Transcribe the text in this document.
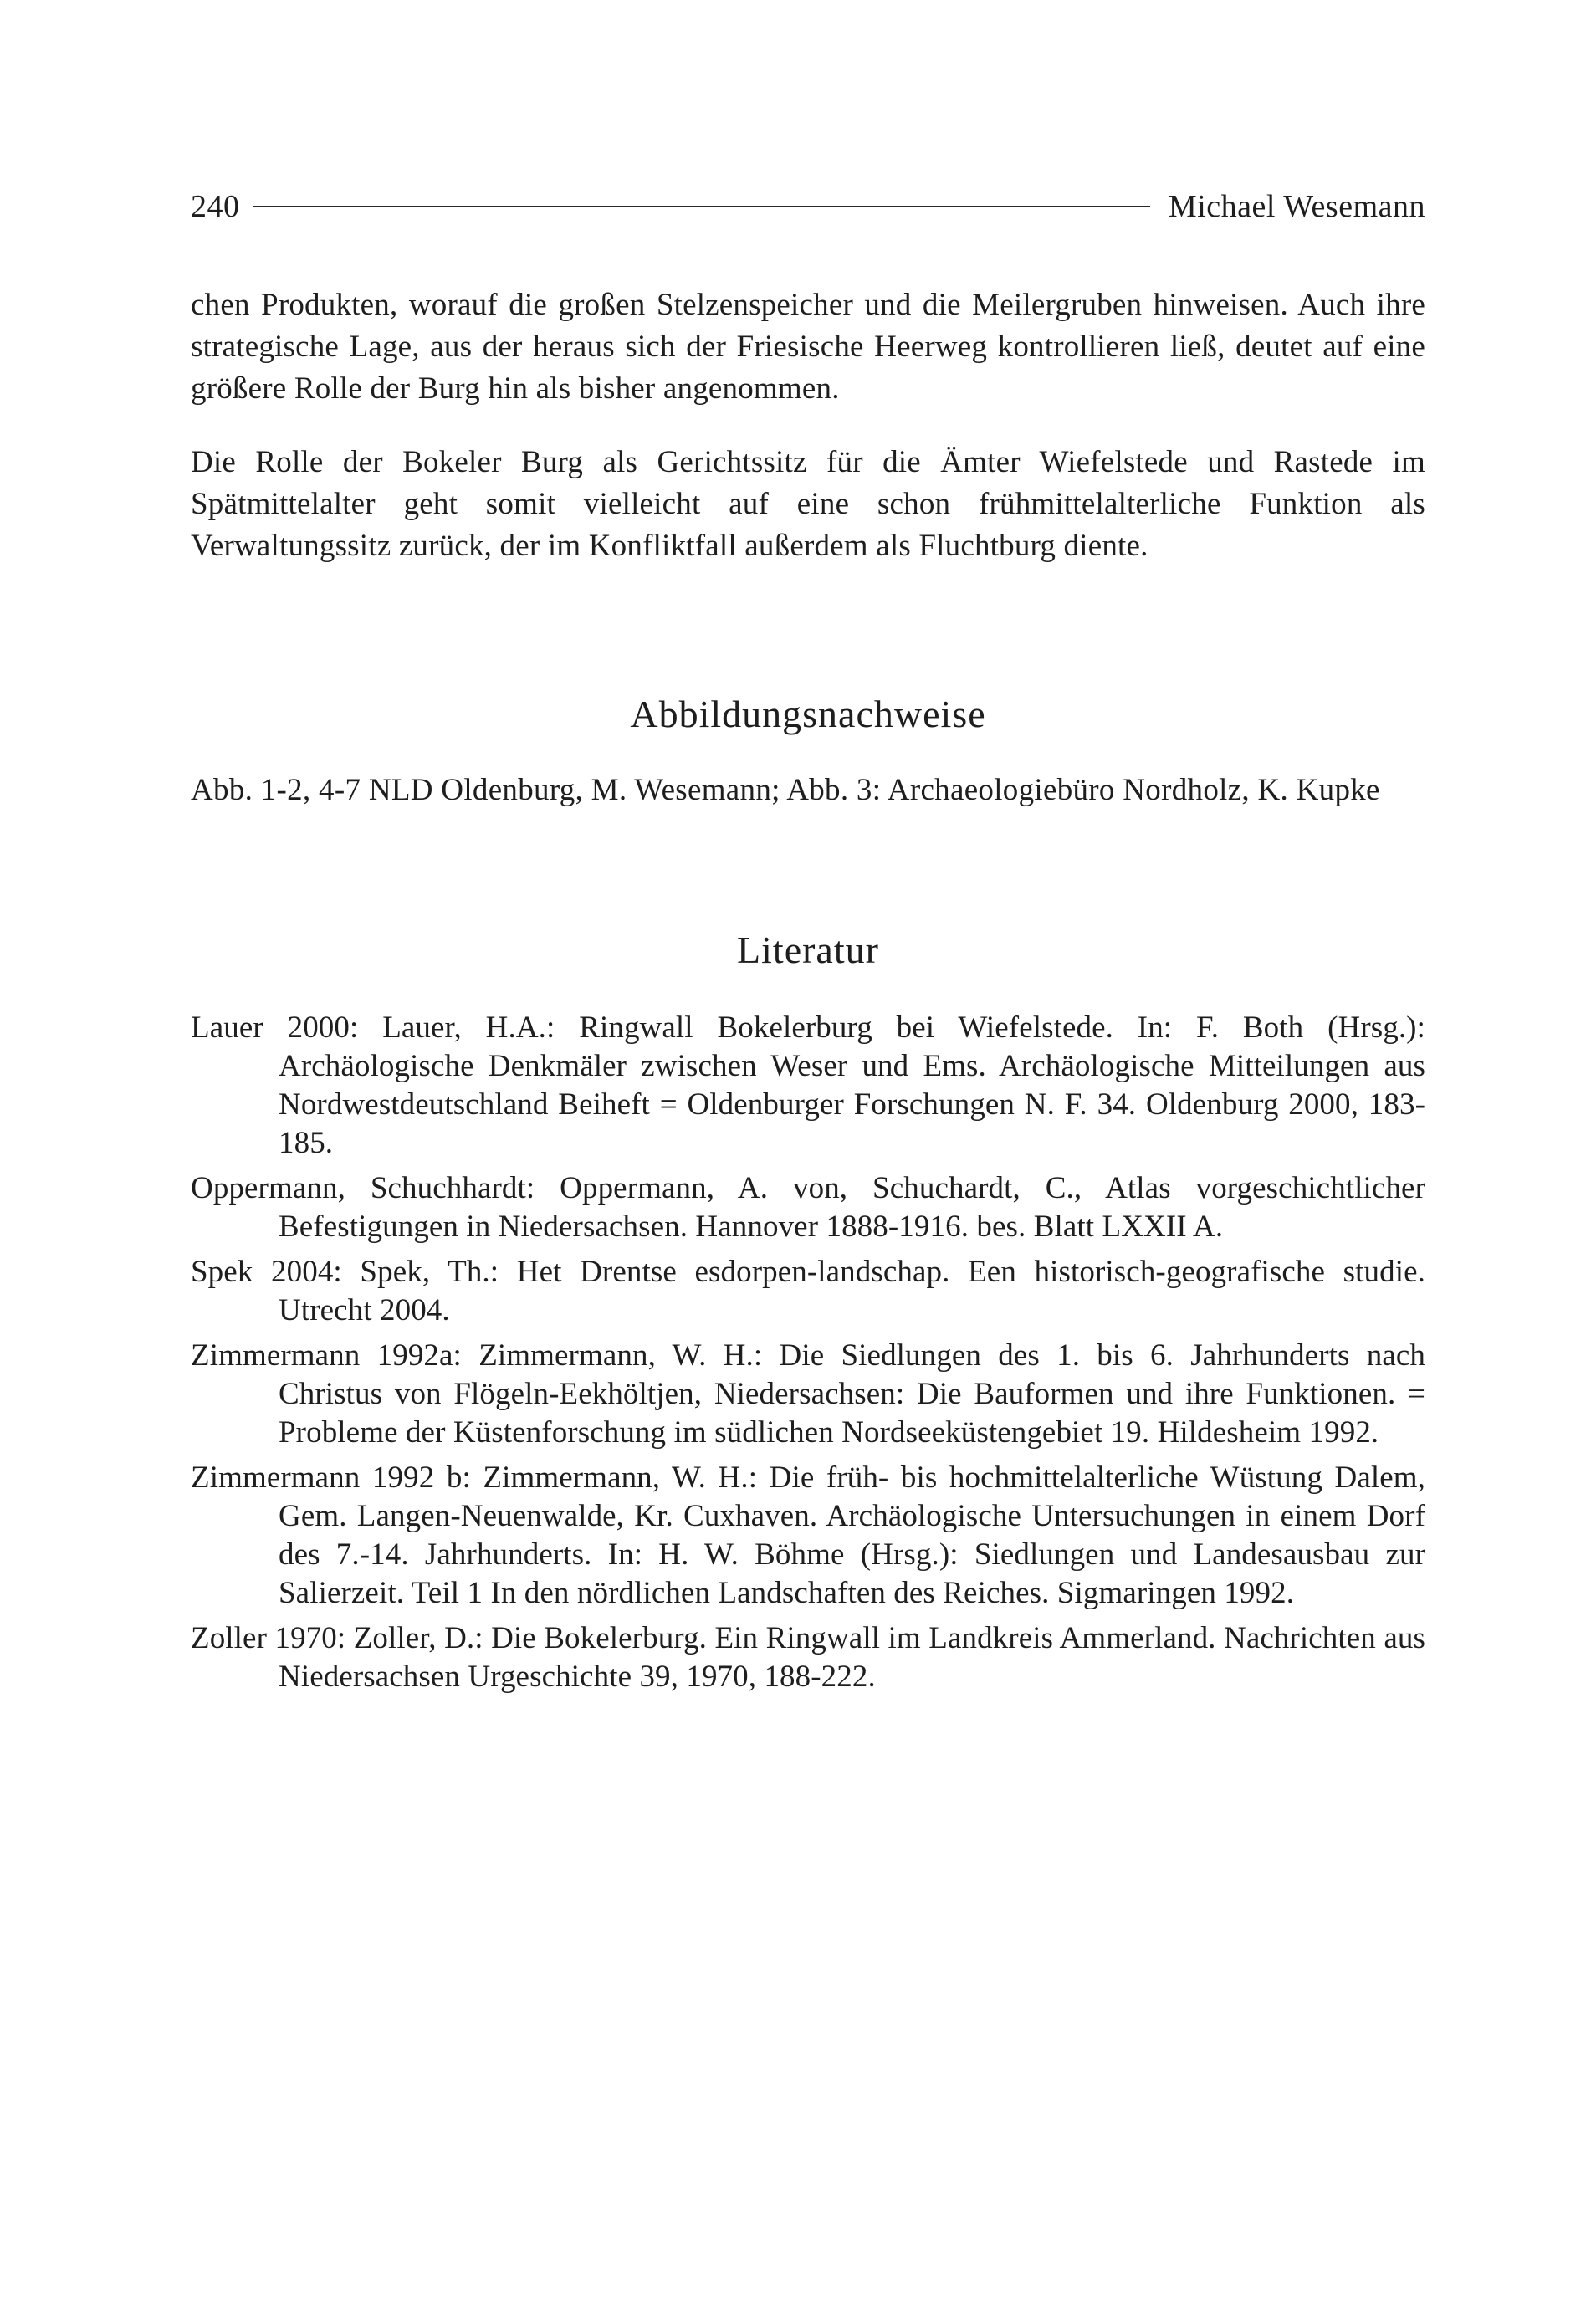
240	Michael Wesemann

chen Produkten, worauf die großen Stelzenspeicher und die Meilergruben hinweisen. Auch ihre strategische Lage, aus der heraus sich der Friesische Heerweg kontrollieren ließ, deutet auf eine größere Rolle der Burg hin als bisher angenommen.

Die Rolle der Bokeler Burg als Gerichtssitz für die Ämter Wiefelstede und Rastede im Spätmittelalter geht somit vielleicht auf eine schon frühmittelalterliche Funktion als Verwaltungssitz zurück, der im Konfliktfall außerdem als Fluchtburg diente.

Abbildungsnachweise

Abb. 1-2, 4-7 NLD Oldenburg, M. Wesemann; Abb. 3: Archaeologiebüro Nordholz, K. Kupke

Literatur
Lauer 2000: Lauer, H.A.: Ringwall Bokelerburg bei Wiefelstede. In: F. Both (Hrsg.): Archäologische Denkmäler zwischen Weser und Ems. Archäologische Mitteilungen aus Nordwestdeutschland Beiheft = Oldenburger Forschungen N. F. 34. Oldenburg 2000, 183-185.
Oppermann, Schuchhardt: Oppermann, A. von, Schuchardt, C., Atlas vorgeschichtlicher Befestigungen in Niedersachsen. Hannover 1888-1916. bes. Blatt LXXII A.
Spek 2004: Spek, Th.: Het Drentse esdorpen-landschap. Een historisch-geografische studie. Utrecht 2004.
Zimmermann 1992a: Zimmermann, W. H.: Die Siedlungen des 1. bis 6. Jahrhunderts nach Christus von Flögeln-Eekhöltjen, Niedersachsen: Die Bauformen und ihre Funktionen. = Probleme der Küstenforschung im südlichen Nordseeküstengebiet 19. Hildesheim 1992.
Zimmermann 1992 b: Zimmermann, W. H.: Die früh- bis hochmittelalterliche Wüstung Dalem, Gem. Langen-Neuenwalde, Kr. Cuxhaven. Archäologische Untersuchungen in einem Dorf des 7.-14. Jahrhunderts. In: H. W. Böhme (Hrsg.): Siedlungen und Landesausbau zur Salierzeit. Teil 1 In den nördlichen Landschaften des Reiches. Sigmaringen 1992.
Zoller 1970: Zoller, D.: Die Bokelerburg. Ein Ringwall im Landkreis Ammerland. Nachrichten aus Niedersachsen Urgeschichte 39, 1970, 188-222.
